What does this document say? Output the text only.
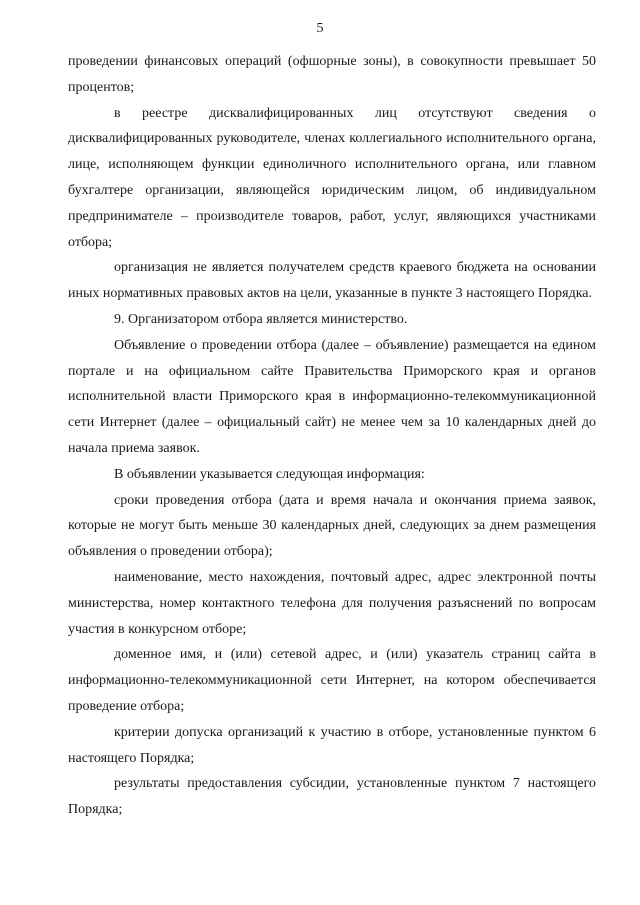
5

проведении финансовых операций (офшорные зоны), в совокупности превышает 50 процентов;

в реестре дисквалифицированных лиц отсутствуют сведения о дисквалифицированных руководителе, членах коллегиального исполнительного органа, лице, исполняющем функции единоличного исполнительного органа, или главном бухгалтере организации, являющейся юридическим лицом, об индивидуальном предпринимателе – производителе товаров, работ, услуг, являющихся участниками отбора;

организация не является получателем средств краевого бюджета на основании иных нормативных правовых актов на цели, указанные в пункте 3 настоящего Порядка.

9. Организатором отбора является министерство.

Объявление о проведении отбора (далее – объявление) размещается на едином портале и на официальном сайте Правительства Приморского края и органов исполнительной власти Приморского края в информационно-телекоммуникационной сети Интернет (далее – официальный сайт) не менее чем за 10 календарных дней до начала приема заявок.

В объявлении указывается следующая информация:

сроки проведения отбора (дата и время начала и окончания приема заявок, которые не могут быть меньше 30 календарных дней, следующих за днем размещения объявления о проведении отбора);

наименование, место нахождения, почтовый адрес, адрес электронной почты министерства, номер контактного телефона для получения разъяснений по вопросам участия в конкурсном отборе;

доменное имя, и (или) сетевой адрес, и (или) указатель страниц сайта в информационно-телекоммуникационной сети Интернет, на котором обеспечивается проведение отбора;

критерии допуска организаций к участию в отборе, установленные пунктом 6 настоящего Порядка;

результаты предоставления субсидии, установленные пунктом 7 настоящего Порядка;
